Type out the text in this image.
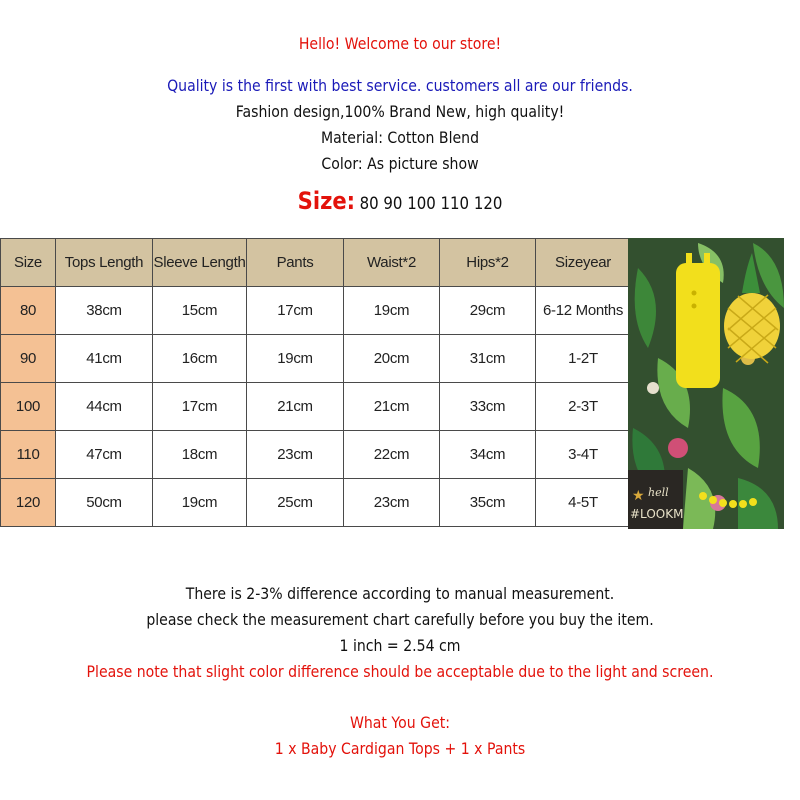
Hello! Welcome to our store!
Quality is the first with best service. customers all are our friends.
Fashion design,100% Brand New, high quality!
Material: Cotton Blend
Color: As picture show
Size: 80 90 100 110 120
Size	Tops Length	Sleeve Length	Pants	Waist*2	Hips*2	Sizeyear
80	38cm	15cm	17cm	19cm	29cm	6-12 Months
90	41cm	16cm	19cm	20cm	31cm	1-2T
100	44cm	17cm	21cm	21cm	33cm	2-3T
110	47cm	18cm	23cm	22cm	34cm	3-4T
120	50cm	19cm	25cm	23cm	35cm	4-5T ★ hell
#LOOKM
There is 2-3% difference according to manual measurement.
please check the measurement chart carefully before you buy the item.
1 inch = 2.54 cm
Please note that slight color difference should be acceptable due to the light and screen.
What You Get:
1 x Baby Cardigan Tops + 1 x Pants
